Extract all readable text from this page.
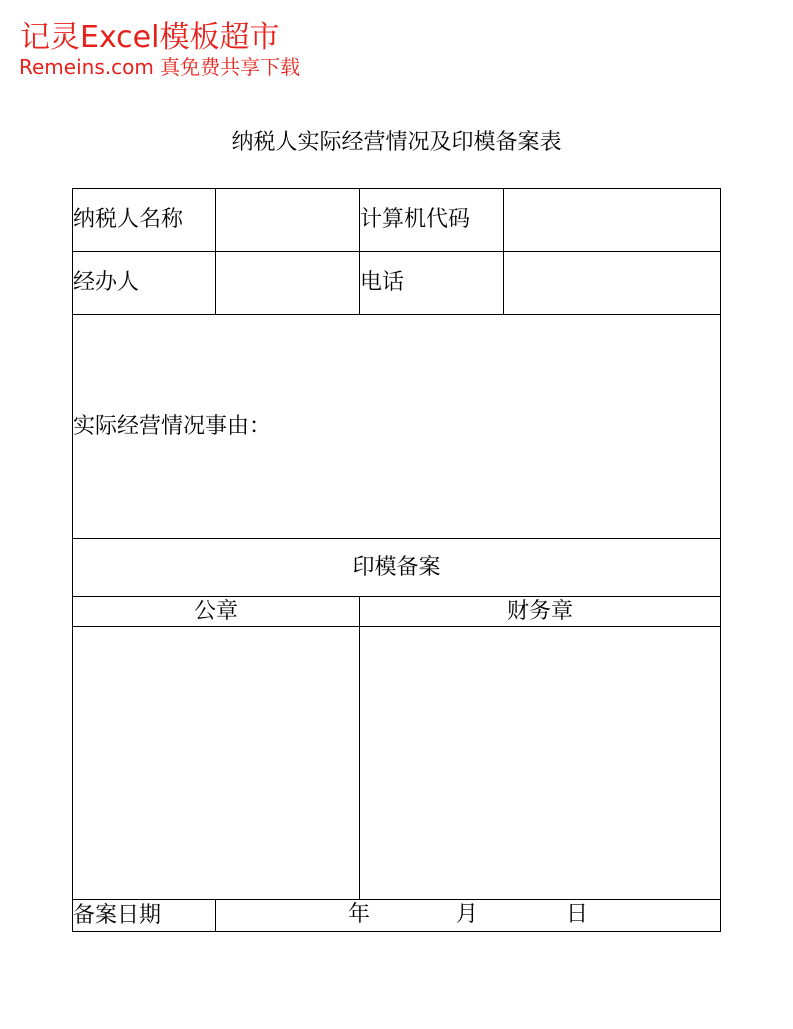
记灵Excel模板超市
Remeins.com 真免费共享下载
纳税人实际经营情况及印模备案表
纳税人名称		计算机代码	
经办人		电话	
实际经营情况事由：			
印模备案			
公章		财务章	

备案日期	年 月 日		
